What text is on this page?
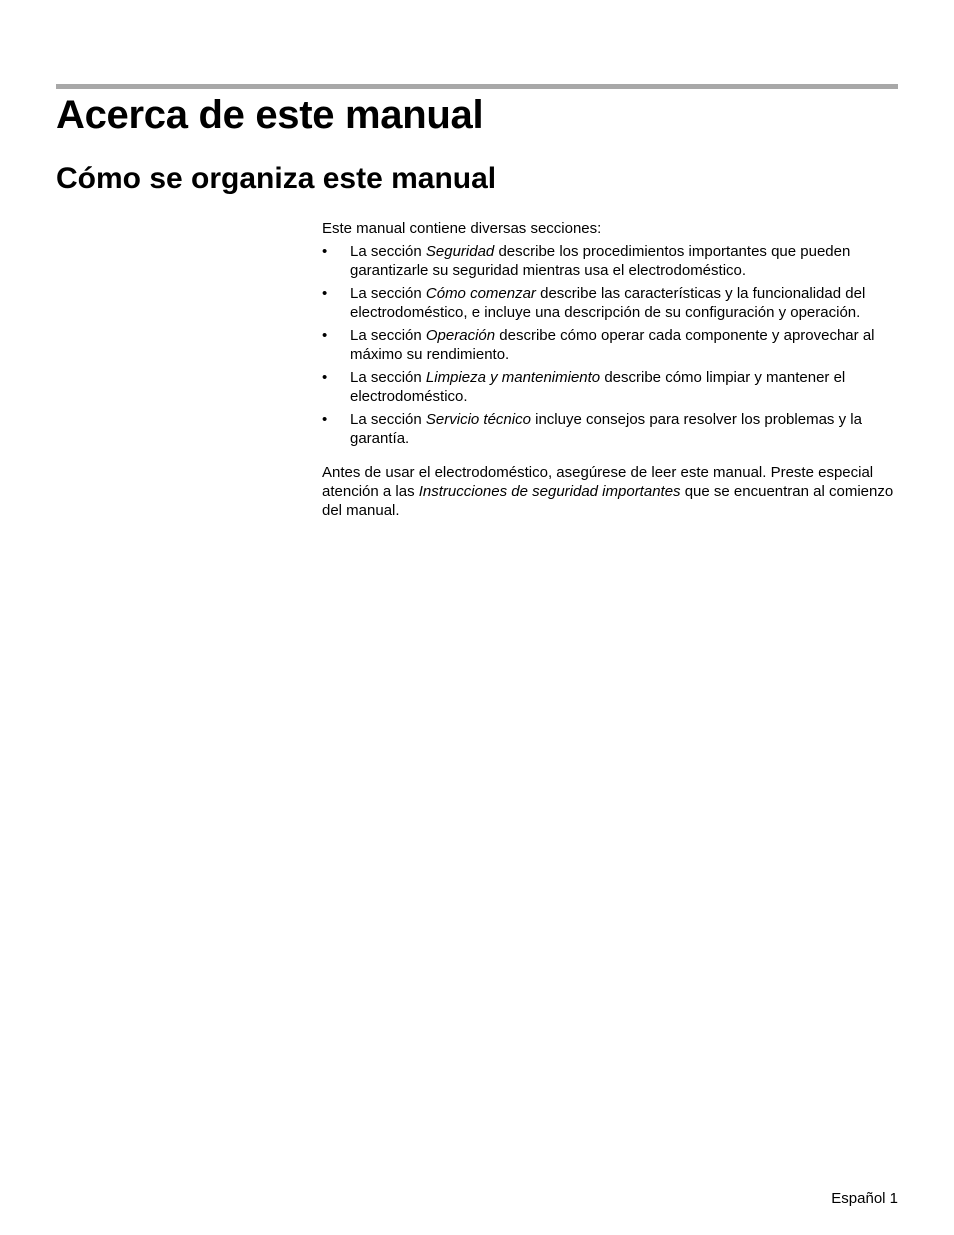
Acerca de este manual
Cómo se organiza este manual

Este manual contiene diversas secciones:

• La sección Seguridad describe los procedimientos importantes que pueden garantizarle su seguridad mientras usa el electrodoméstico.
• La sección Cómo comenzar describe las características y la funcionalidad del electrodoméstico, e incluye una descripción de su configuración y operación.
• La sección Operación describe cómo operar cada componente y aprovechar al máximo su rendimiento.
• La sección Limpieza y mantenimiento describe cómo limpiar y mantener el electrodoméstico.
• La sección Servicio técnico incluye consejos para resolver los problemas y la garantía.

Antes de usar el electrodoméstico, asegúrese de leer este manual. Preste especial atención a las Instrucciones de seguridad importantes que se encuentran al comienzo del manual.

Español 1
